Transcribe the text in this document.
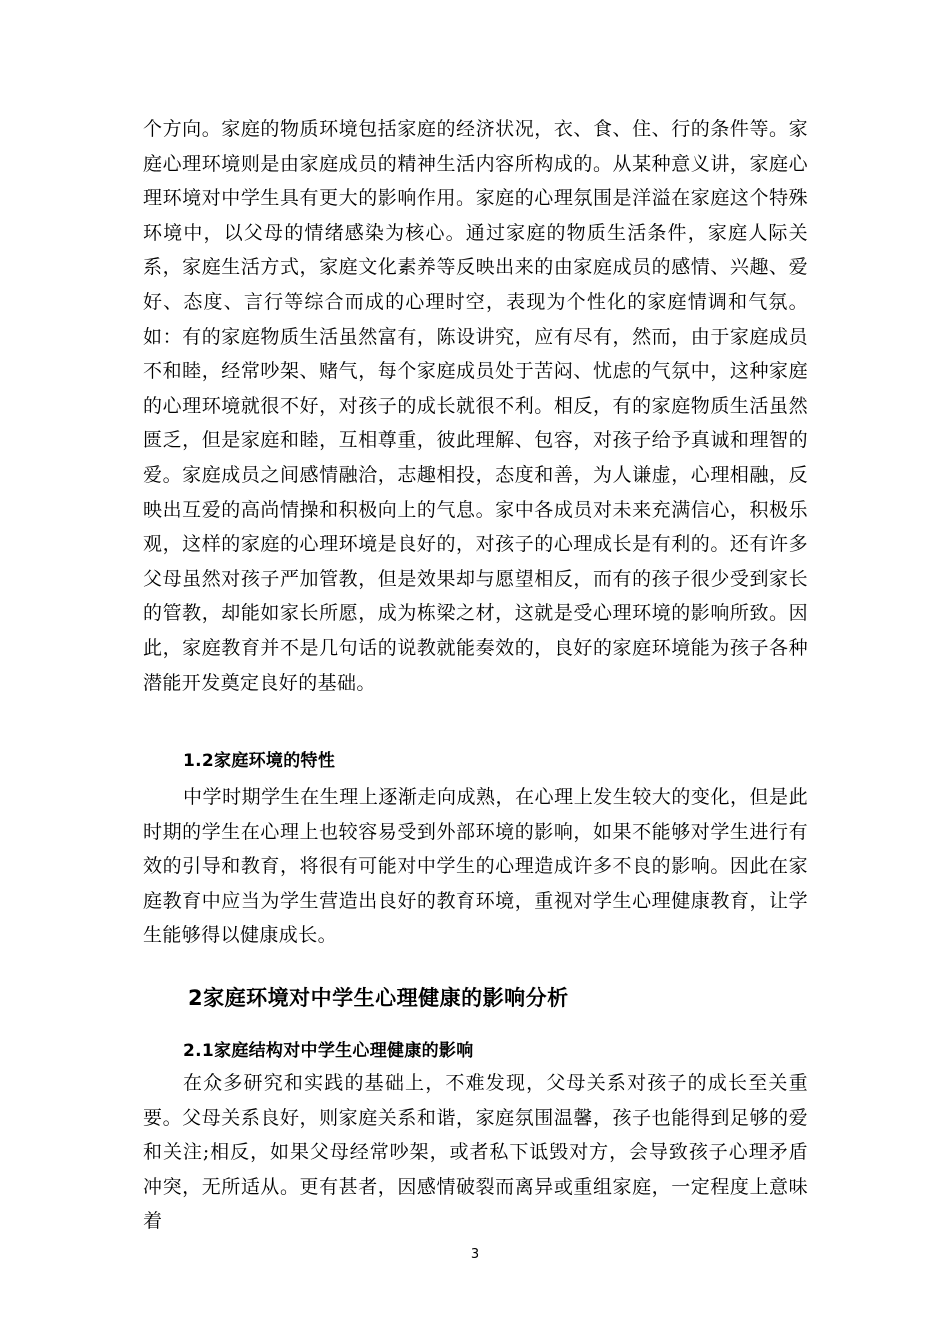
个方向。家庭的物质环境包括家庭的经济状况，衣、食、住、行的条件等。家庭心理环境则是由家庭成员的精神生活内容所构成的。从某种意义讲，家庭心理环境对中学生具有更大的影响作用。家庭的心理氛围是洋溢在家庭这个特殊环境中，以父母的情绪感染为核心。通过家庭的物质生活条件，家庭人际关系，家庭生活方式，家庭文化素养等反映出来的由家庭成员的感情、兴趣、爱好、态度、言行等综合而成的心理时空，表现为个性化的家庭情调和气氛。如：有的家庭物质生活虽然富有，陈设讲究，应有尽有，然而，由于家庭成员不和睦，经常吵架、赌气，每个家庭成员处于苦闷、忧虑的气氛中，这种家庭的心理环境就很不好，对孩子的成长就很不利。相反，有的家庭物质生活虽然匮乏，但是家庭和睦，互相尊重，彼此理解、包容，对孩子给予真诚和理智的爱。家庭成员之间感情融洽，志趣相投，态度和善，为人谦虚，心理相融，反映出互爱的高尚情操和积极向上的气息。家中各成员对未来充满信心，积极乐观，这样的家庭的心理环境是良好的，对孩子的心理成长是有利的。还有许多父母虽然对孩子严加管教，但是效果却与愿望相反，而有的孩子很少受到家长的管教，却能如家长所愿，成为栋梁之材，这就是受心理环境的影响所致。因此，家庭教育并不是几句话的说教就能奏效的，良好的家庭环境能为孩子各种潜能开发奠定良好的基础。

1.2家庭环境的特性

中学时期学生在生理上逐渐走向成熟，在心理上发生较大的变化，但是此时期的学生在心理上也较容易受到外部环境的影响，如果不能够对学生进行有效的引导和教育，将很有可能对中学生的心理造成许多不良的影响。因此在家庭教育中应当为学生营造出良好的教育环境，重视对学生心理健康教育，让学生能够得以健康成长。

2家庭环境对中学生心理健康的影响分析
2.1家庭结构对中学生心理健康的影响

在众多研究和实践的基础上，不难发现，父母关系对孩子的成长至关重要。父母关系良好，则家庭关系和谐，家庭氛围温馨，孩子也能得到足够的爱和关注;相反，如果父母经常吵架，或者私下诋毁对方，会导致孩子心理矛盾冲突，无所适从。更有甚者，因感情破裂而离异或重组家庭，一定程度上意味着

3
